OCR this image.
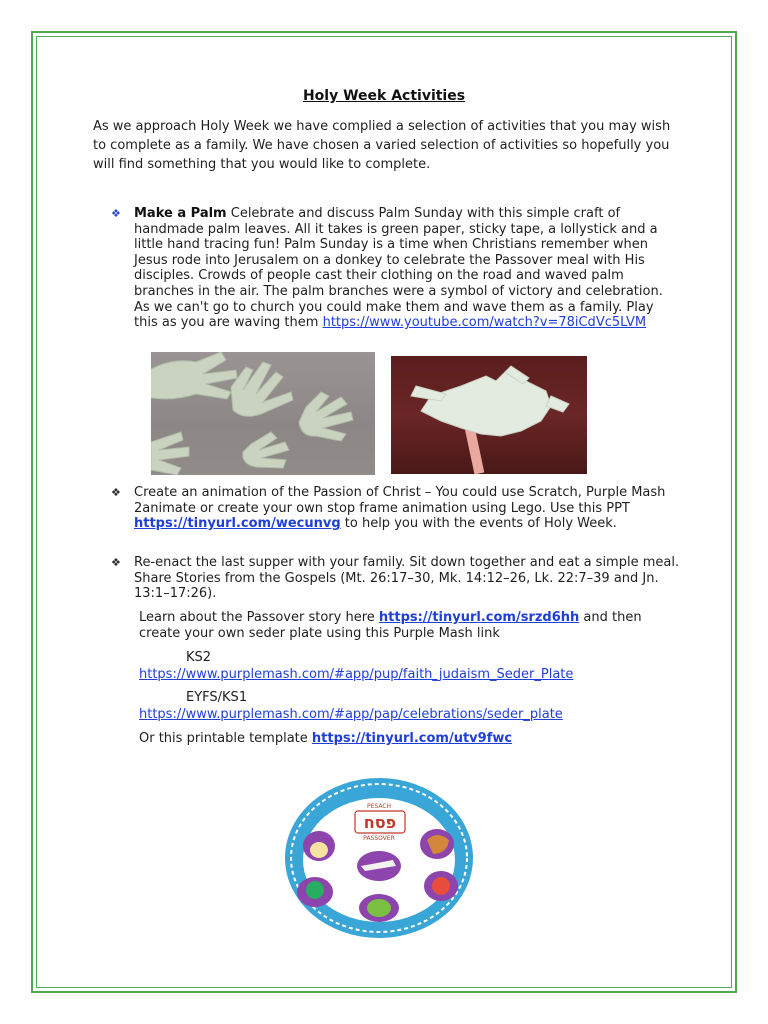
Holy Week Activities

As we approach Holy Week we have complied a selection of activities that you may wish to complete as a family. We have chosen a varied selection of activities so hopefully you will find something that you would like to complete.

❖ Make a Palm Celebrate and discuss Palm Sunday with this simple craft of handmade palm leaves. All it takes is green paper, sticky tape, a lollystick and a little hand tracing fun! Palm Sunday is a time when Christians remember when Jesus rode into Jerusalem on a donkey to celebrate the Passover meal with His disciples. Crowds of people cast their clothing on the road and waved palm branches in the air. The palm branches were a symbol of victory and celebration. As we can't go to church you could make them and wave them as a family. Play this as you are waving them https://www.youtube.com/watch?v=78iCdVc5LVM
❖ Create an animation of the Passion of Christ – You could use Scratch, Purple Mash 2animate or create your own stop frame animation using Lego. Use this PPT https://tinyurl.com/wecunvg to help you with the events of Holy Week.
❖ Re-enact the last supper with your family. Sit down together and eat a simple meal. Share Stories from the Gospels (Mt. 26:17–30, Mk. 14:12–26, Lk. 22:7–39 and Jn. 13:1–17:26).
Learn about the Passover story here https://tinyurl.com/srzd6hh and then create your own seder plate using this Purple Mash link
KS2
https://www.purplemash.com/#app/pup/faith_judaism_Seder_Plate
EYFS/KS1
https://www.purplemash.com/#app/pap/celebrations/seder_plate
Or this printable template https://tinyurl.com/utv9fwc
PESACH
פסח
PASSOVER
